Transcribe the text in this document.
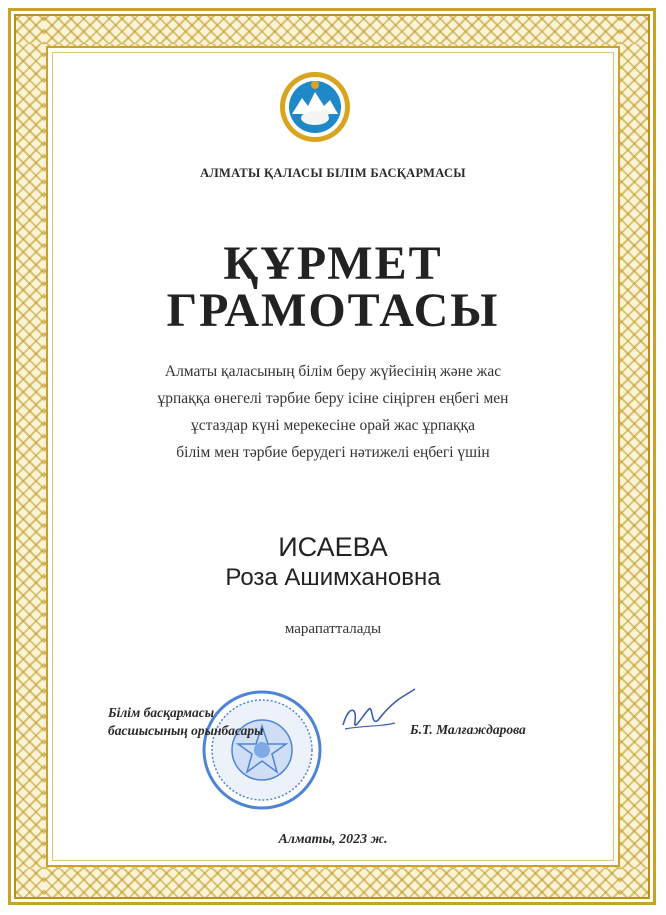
АЛМАТЫ ҚАЛАСЫ БІЛІМ БАСҚАРМАСЫ
ҚҰРМЕТ
ГРАМОТАСЫ
Алматы қаласының білім беру жүйесінің және жас
ұрпаққа өнегелі тәрбие беру ісіне сіңірген еңбегі мен
ұстаздар күні мерекесіне орай жас ұрпаққа
білім мен тәрбие берудегі нәтижелі еңбегі үшін
ИСАЕВА
Роза Ашимхановна
марапатталады
Білім басқармасы
басшысының орынбасары	Б.Т. Малғаждарова
Алматы, 2023 ж.
